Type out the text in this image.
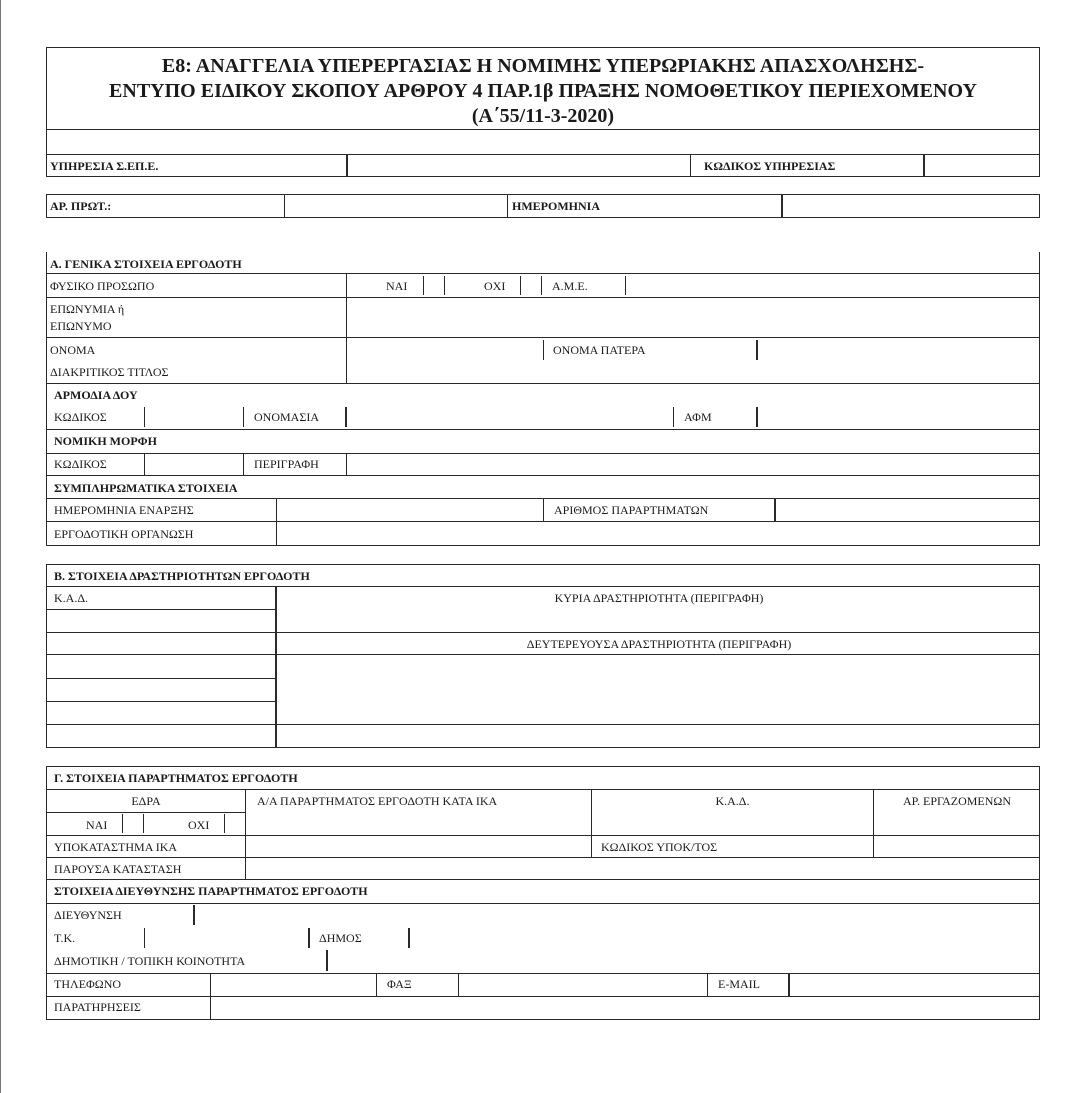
Ε8: ΑΝΑΓΓΕΛΙΑ ΥΠΕΡΕΡΓΑΣΙΑΣ Η ΝΟΜΙΜΗΣ ΥΠΕΡΩΡΙΑΚΗΣ ΑΠΑΣΧΟΛΗΣΗΣ-
ΕΝΤΥΠΟ ΕΙΔΙΚΟΥ ΣΚΟΠΟΥ ΑΡΘΡΟΥ 4 ΠΑΡ.1β ΠΡΑΞΗΣ ΝΟΜΟΘΕΤΙΚΟΥ ΠΕΡΙΕΧΟΜΕΝΟΥ
(Α΄55/11-3-2020)
ΥΠΗΡΕΣΙΑ Σ.ΕΠ.Ε.	ΚΩΔΙΚΟΣ ΥΠΗΡΕΣΙΑΣ
ΑΡ. ΠΡΩΤ.:	ΗΜΕΡΟΜΗΝΙΑ
Α. ΓΕΝΙΚΑ ΣΤΟΙΧΕΙΑ ΕΡΓΟΔΟΤΗ
ΦΥΣΙΚΟ ΠΡΟΣΩΠΟ	ΝΑΙ	ΟΧΙ	Α.Μ.Ε.
ΕΠΩΝΥΜΙΑ ή
ΕΠΩΝΥΜΟ
ΟΝΟΜΑ	ΟΝΟΜΑ ΠΑΤΕΡΑ
ΔΙΑΚΡΙΤΙΚΟΣ ΤΙΤΛΟΣ
ΑΡΜΟΔΙΑ ΔΟΥ
ΚΩΔΙΚΟΣ	ΟΝΟΜΑΣΙΑ	ΑΦΜ
ΝΟΜΙΚΗ ΜΟΡΦΗ
ΚΩΔΙΚΟΣ	ΠΕΡΙΓΡΑΦΗ
ΣΥΜΠΛΗΡΩΜΑΤΙΚΑ ΣΤΟΙΧΕΙΑ
ΗΜΕΡΟΜΗΝΙΑ ΕΝΑΡΞΗΣ	ΑΡΙΘΜΟΣ ΠΑΡΑΡΤΗΜΑΤΩΝ
ΕΡΓΟΔΟΤΙΚΗ ΟΡΓΑΝΩΣΗ
Β. ΣΤΟΙΧΕΙΑ ΔΡΑΣΤΗΡΙΟΤΗΤΩΝ ΕΡΓΟΔΟΤΗ
Κ.Α.Δ.	ΚΥΡΙΑ ΔΡΑΣΤΗΡΙΟΤΗΤΑ (ΠΕΡΙΓΡΑΦΗ)
ΔΕΥΤΕΡΕΥΟΥΣΑ ΔΡΑΣΤΗΡΙΟΤΗΤΑ (ΠΕΡΙΓΡΑΦΗ)
Γ. ΣΤΟΙΧΕΙΑ ΠΑΡΑΡΤΗΜΑΤΟΣ ΕΡΓΟΔΟΤΗ
ΕΔΡΑ	Α/Α ΠΑΡΑΡΤΗΜΑΤΟΣ ΕΡΓΟΔΟΤΗ ΚΑΤΑ ΙΚΑ	Κ.Α.Δ.	ΑΡ. ΕΡΓΑΖΟΜΕΝΩΝ
ΝΑΙ	ΟΧΙ
ΥΠΟΚΑΤΑΣΤΗΜΑ ΙΚΑ	ΚΩΔΙΚΟΣ ΥΠΟΚ/ΤΟΣ
ΠΑΡΟΥΣΑ ΚΑΤΑΣΤΑΣΗ
ΣΤΟΙΧΕΙΑ ΔΙΕΥΘΥΝΣΗΣ ΠΑΡΑΡΤΗΜΑΤΟΣ ΕΡΓΟΔΟΤΗ
ΔΙΕΥΘΥΝΣΗ
Τ.Κ.	ΔΗΜΟΣ
ΔΗΜΟΤΙΚΗ / ΤΟΠΙΚΗ ΚΟΙΝΟΤΗΤΑ
ΤΗΛΕΦΩΝΟ	ΦΑΞ	E-MAIL
ΠΑΡΑΤΗΡΗΣΕΙΣ
